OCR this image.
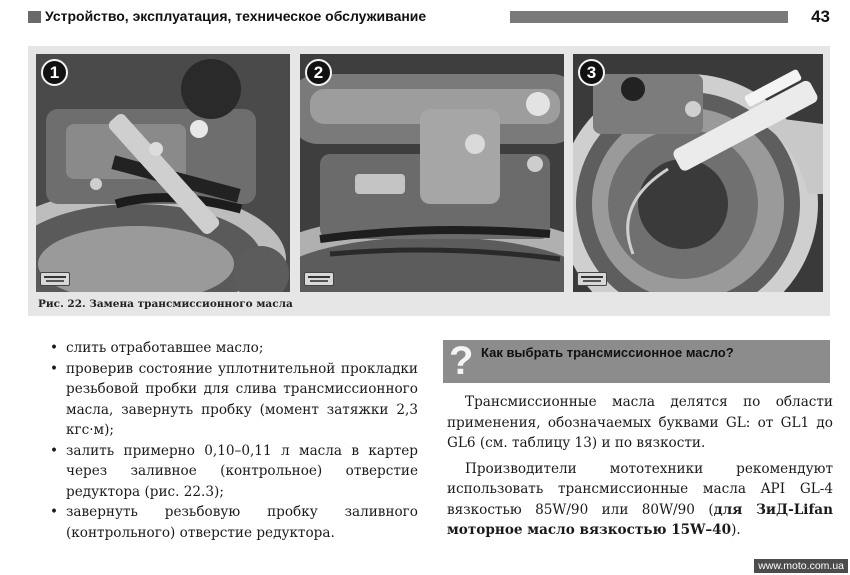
Устройство, эксплуатация, техническое обслуживание	43
1	2	3
Рис. 22. Замена трансмиссионного масла
• слить отработавшее масло;
• проверив состояние уплотнительной прокладки резьбовой пробки для слива трансмиссионного масла, завернуть пробку (момент затяжки 2,3 кгс·м);
• залить примерно 0,10–0,11 л масла в картер через заливное (контрольное) отверстие редуктора (рис. 22.3);
• завернуть резьбовую пробку заливного (контрольного) отверстие редуктора.
? Как выбрать трансмиссионное масло?

Трансмиссионные масла делятся по области применения, обозначаемых буквами GL: от GL1 до GL6 (см. таблицу 13) и по вязкости.

Производители мототехники рекомендуют использовать трансмиссионные масла API GL-4 вязкостью 85W/90 или 80W/90 (для ЗиД-Lifan моторное масло вязкостью 15W–40).

www.moto.com.ua
